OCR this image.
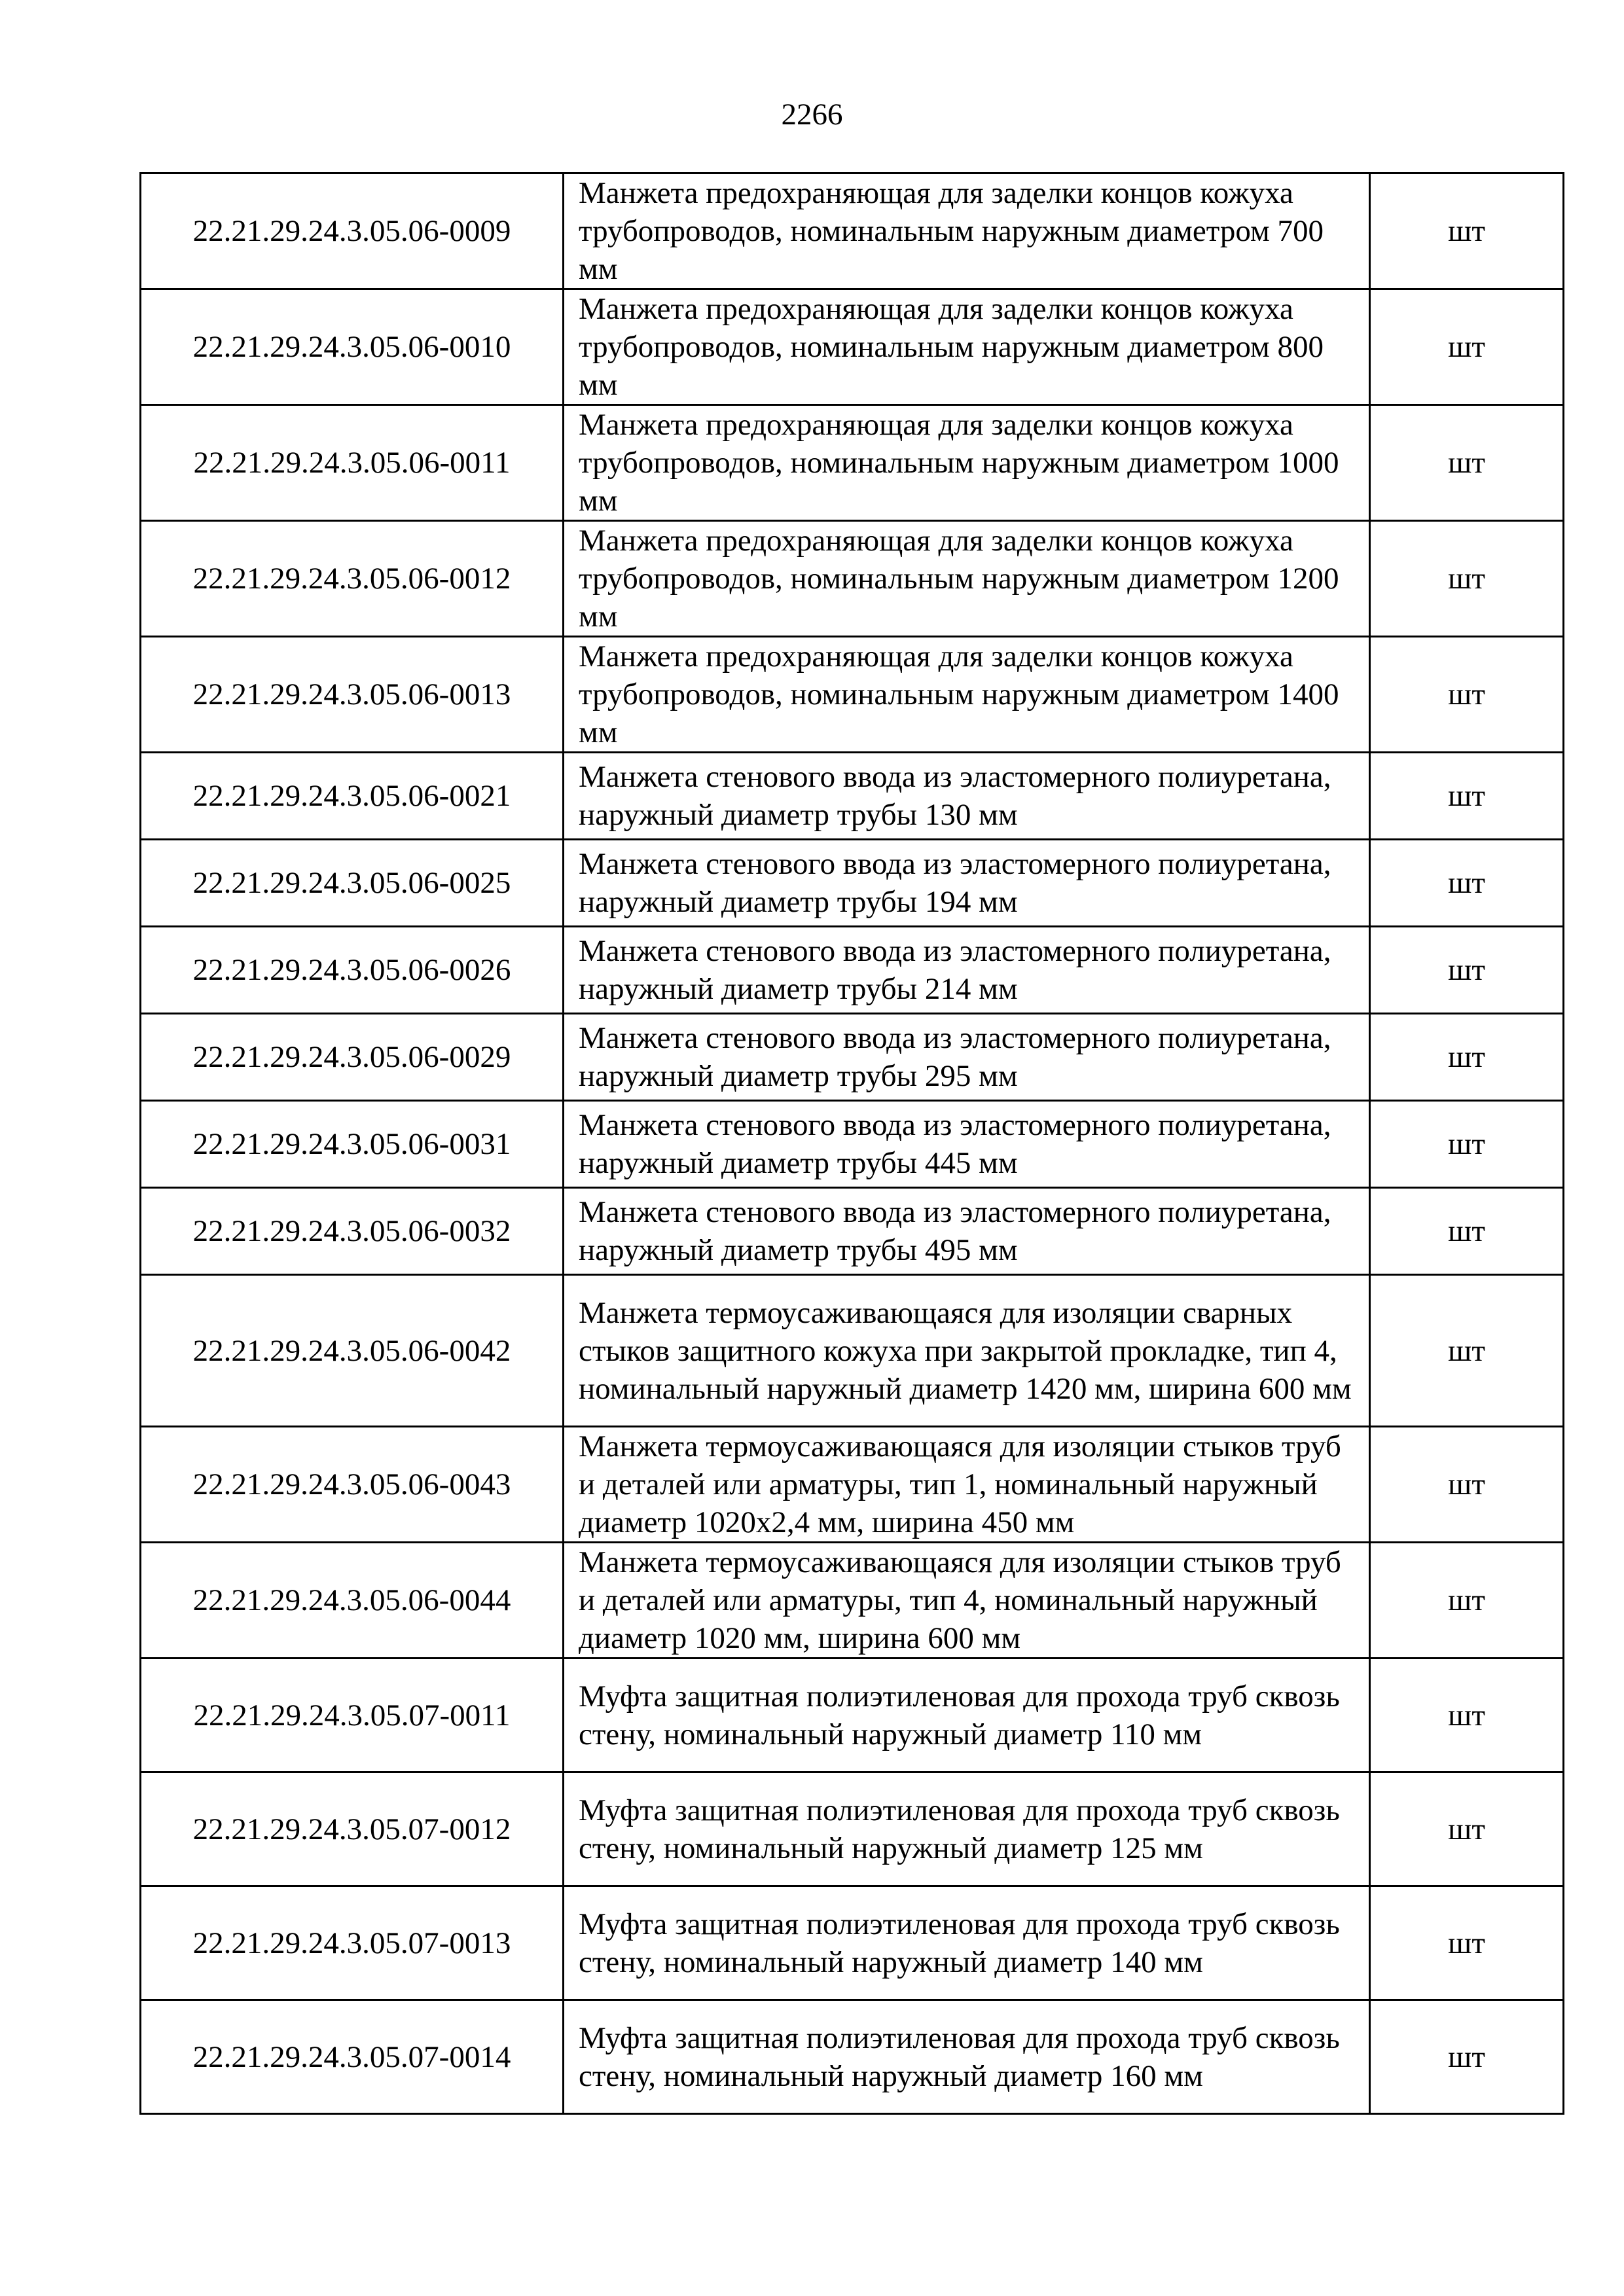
2266
22.21.29.24.3.05.06-0009	Манжета предохраняющая для заделки концов кожуха трубопроводов, номинальным наружным диаметром 700 мм	шт
22.21.29.24.3.05.06-0010	Манжета предохраняющая для заделки концов кожуха трубопроводов, номинальным наружным диаметром 800 мм	шт
22.21.29.24.3.05.06-0011	Манжета предохраняющая для заделки концов кожуха трубопроводов, номинальным наружным диаметром 1000 мм	шт
22.21.29.24.3.05.06-0012	Манжета предохраняющая для заделки концов кожуха трубопроводов, номинальным наружным диаметром 1200 мм	шт
22.21.29.24.3.05.06-0013	Манжета предохраняющая для заделки концов кожуха трубопроводов, номинальным наружным диаметром 1400 мм	шт
22.21.29.24.3.05.06-0021	Манжета стенового ввода из эластомерного полиуретана, наружный диаметр трубы 130 мм	шт
22.21.29.24.3.05.06-0025	Манжета стенового ввода из эластомерного полиуретана, наружный диаметр трубы 194 мм	шт
22.21.29.24.3.05.06-0026	Манжета стенового ввода из эластомерного полиуретана, наружный диаметр трубы 214 мм	шт
22.21.29.24.3.05.06-0029	Манжета стенового ввода из эластомерного полиуретана, наружный диаметр трубы 295 мм	шт
22.21.29.24.3.05.06-0031	Манжета стенового ввода из эластомерного полиуретана, наружный диаметр трубы 445 мм	шт
22.21.29.24.3.05.06-0032	Манжета стенового ввода из эластомерного полиуретана, наружный диаметр трубы 495 мм	шт
22.21.29.24.3.05.06-0042	Манжета термоусаживающаяся для изоляции сварных стыков защитного кожуха при закрытой прокладке, тип 4, номинальный наружный диаметр 1420 мм, ширина 600 мм	шт
22.21.29.24.3.05.06-0043	Манжета термоусаживающаяся для изоляции стыков труб и деталей или арматуры, тип 1, номинальный наружный диаметр 1020х2,4 мм, ширина 450 мм	шт
22.21.29.24.3.05.06-0044	Манжета термоусаживающаяся для изоляции стыков труб и деталей или арматуры, тип 4, номинальный наружный диаметр 1020 мм, ширина 600 мм	шт
22.21.29.24.3.05.07-0011	Муфта защитная полиэтиленовая для прохода труб сквозь стену, номинальный наружный диаметр 110 мм	шт
22.21.29.24.3.05.07-0012	Муфта защитная полиэтиленовая для прохода труб сквозь стену, номинальный наружный диаметр 125 мм	шт
22.21.29.24.3.05.07-0013	Муфта защитная полиэтиленовая для прохода труб сквозь стену, номинальный наружный диаметр 140 мм	шт
22.21.29.24.3.05.07-0014	Муфта защитная полиэтиленовая для прохода труб сквозь стену, номинальный наружный диаметр 160 мм	шт
